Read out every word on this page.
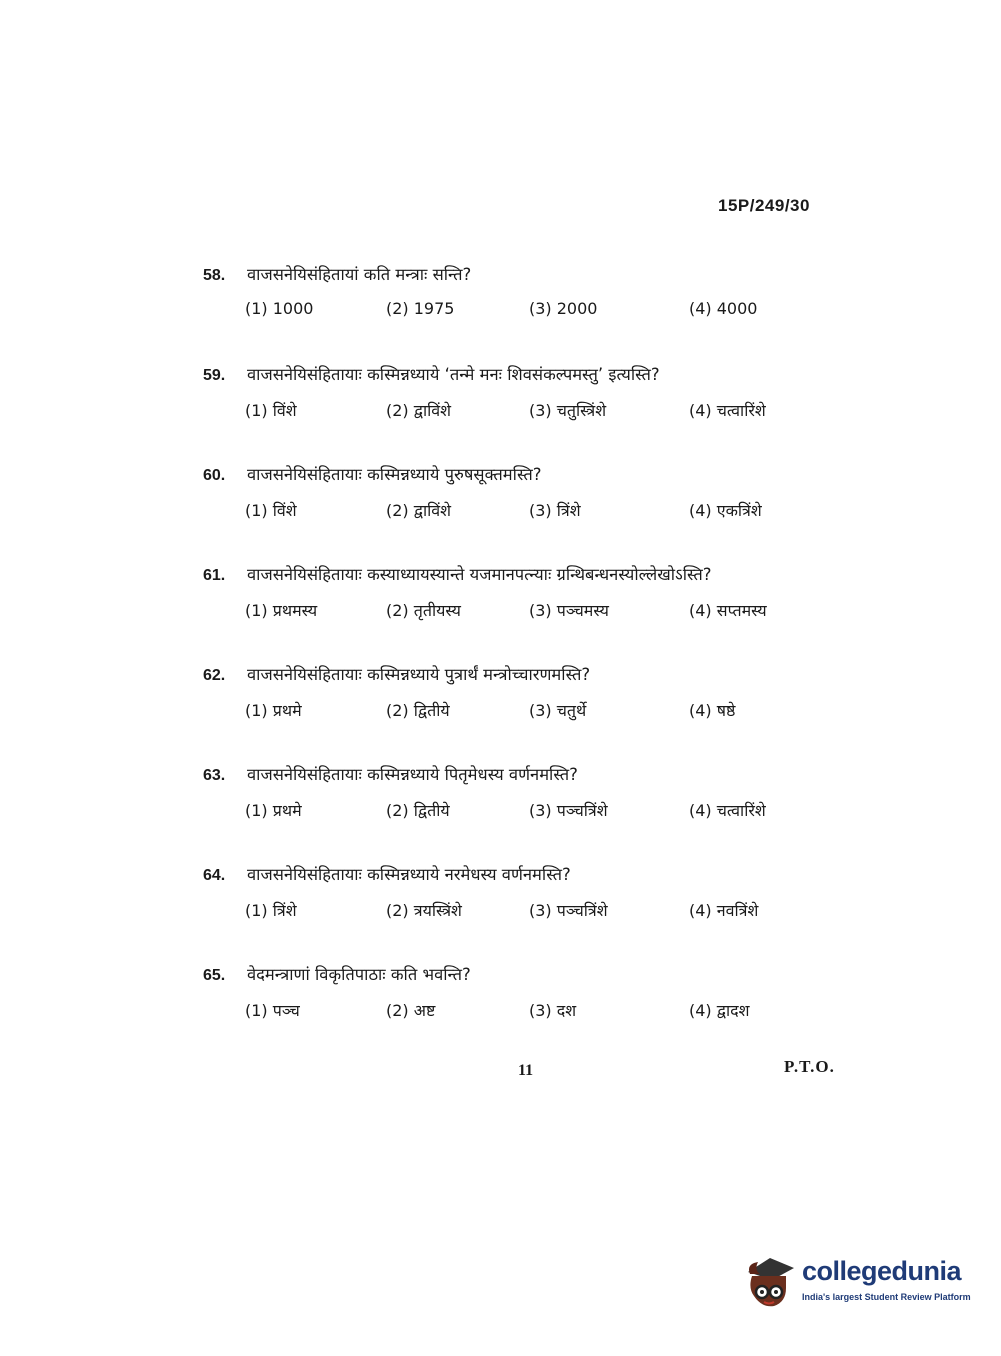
15P/249/30
58.	वाजसनेयिसंहितायां कति मन्त्राः सन्ति?
(1) 1000	(2) 1975	(3) 2000	(4) 4000
59.	वाजसनेयिसंहितायाः कस्मिन्नध्याये ‘तन्मे मनः शिवसंकल्पमस्तु’ इत्यस्ति?
(1) विंशे	(2) द्वाविंशे	(3) चतुस्त्रिंशे	(4) चत्वारिंशे
60.	वाजसनेयिसंहितायाः कस्मिन्नध्याये पुरुषसूक्तमस्ति?
(1) विंशे	(2) द्वाविंशे	(3) त्रिंशे	(4) एकत्रिंशे
61.	वाजसनेयिसंहितायाः कस्याध्यायस्यान्ते यजमानपत्न्याः ग्रन्थिबन्धनस्योल्लेखोऽस्ति?
(1) प्रथमस्य	(2) तृतीयस्य	(3) पञ्चमस्य	(4) सप्तमस्य
62.	वाजसनेयिसंहितायाः कस्मिन्नध्याये पुत्रार्थं मन्त्रोच्चारणमस्ति?
(1) प्रथमे	(2) द्वितीये	(3) चतुर्थे	(4) षष्ठे
63.	वाजसनेयिसंहितायाः कस्मिन्नध्याये पितृमेधस्य वर्णनमस्ति?
(1) प्रथमे	(2) द्वितीये	(3) पञ्चत्रिंशे	(4) चत्वारिंशे
64.	वाजसनेयिसंहितायाः कस्मिन्नध्याये नरमेधस्य वर्णनमस्ति?
(1) त्रिंशे	(2) त्रयस्त्रिंशे	(3) पञ्चत्रिंशे	(4) नवत्रिंशे
65.	वेदमन्त्राणां विकृतिपाठाः कति भवन्ति?
(1) पञ्च	(2) अष्ट	(3) दश	(4) द्वादश
11	P.T.O.
collegedunia
India's largest Student Review Platform
